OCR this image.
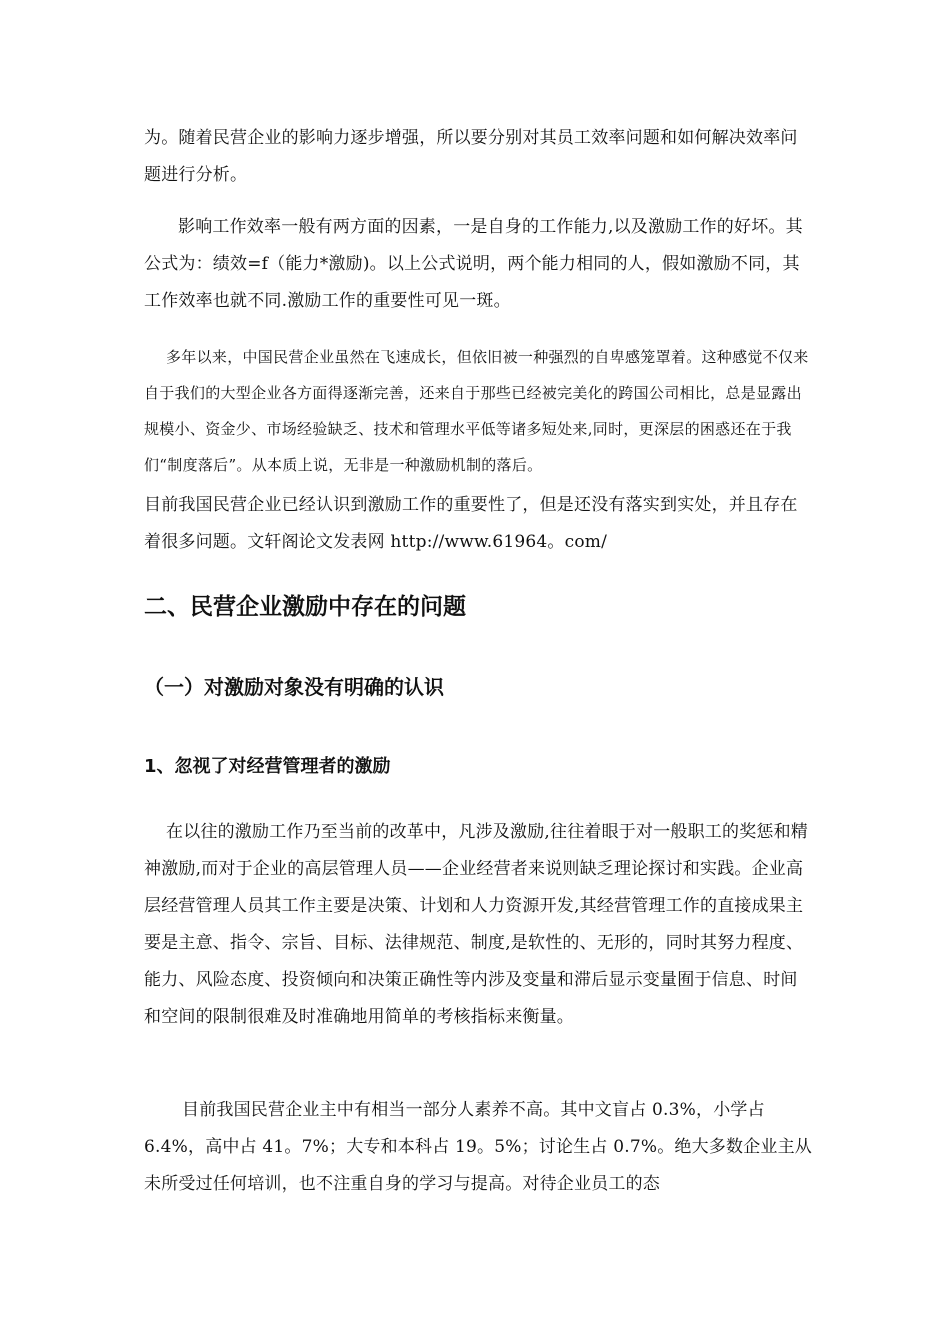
为。随着民营企业的影响力逐步增强，所以要分别对其员工效率问题和如何解决效率问题进行分析。

影响工作效率一般有两方面的因素，一是自身的工作能力,以及激励工作的好坏。其公式为：绩效=f（能力*激励)。以上公式说明，两个能力相同的人，假如激励不同，其工作效率也就不同.激励工作的重要性可见一斑。

多年以来，中国民营企业虽然在飞速成长，但依旧被一种强烈的自卑感笼罩着。这种感觉不仅来自于我们的大型企业各方面得逐渐完善，还来自于那些已经被完美化的跨国公司相比，总是显露出规模小、资金少、市场经验缺乏、技术和管理水平低等诸多短处来,同时，更深层的困惑还在于我们“制度落后”。从本质上说，无非是一种激励机制的落后。

目前我国民营企业已经认识到激励工作的重要性了，但是还没有落实到实处，并且存在着很多问题。文轩阁论文发表网 http://www.61964。com/

二、民营企业激励中存在的问题
（一）对激励对象没有明确的认识
1、忽视了对经营管理者的激励

在以往的激励工作乃至当前的改革中，凡涉及激励,往往着眼于对一般职工的奖惩和精神激励,而对于企业的高层管理人员——企业经营者来说则缺乏理论探讨和实践。企业高层经营管理人员其工作主要是决策、计划和人力资源开发,其经营管理工作的直接成果主要是主意、指令、宗旨、目标、法律规范、制度,是软性的、无形的，同时其努力程度、能力、风险态度、投资倾向和决策正确性等内涉及变量和滞后显示变量囿于信息、时间和空间的限制很难及时准确地用简单的考核指标来衡量。

目前我国民营企业主中有相当一部分人素养不高。其中文盲占 0.3%，小学占 6.4%，高中占 41。7%；大专和本科占 19。5%；讨论生占 0.7%。绝大多数企业主从未所受过任何培训，也不注重自身的学习与提高。对待企业员工的态
